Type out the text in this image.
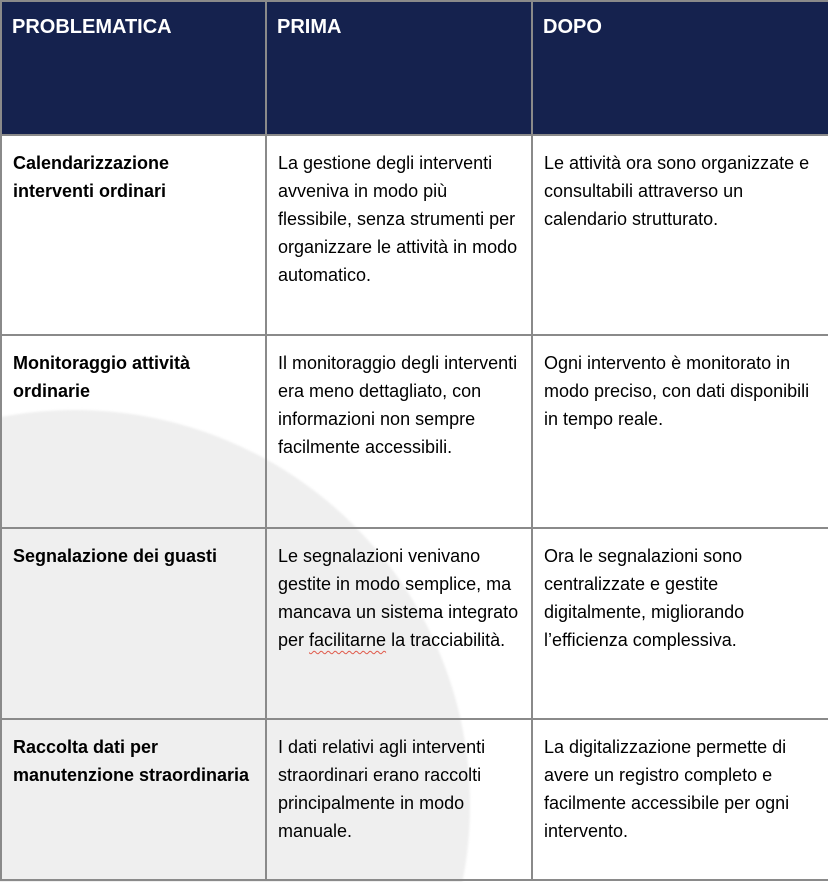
PROBLEMATICA	PRIMA	DOPO
Calendarizzazione interventi ordinari	La gestione degli interventi avveniva in modo più flessibile, senza strumenti per organizzare le attività in modo automatico.	Le attività ora sono organizzate e consultabili attraverso un calendario strutturato.
Monitoraggio attività ordinarie	Il monitoraggio degli interventi era meno dettagliato, con informazioni non sempre facilmente accessibili.	Ogni intervento è monitorato in modo preciso, con dati disponibili in tempo reale.
Segnalazione dei guasti	Le segnalazioni venivano gestite in modo semplice, ma mancava un sistema integrato per facilitarne la tracciabilità.	Ora le segnalazioni sono centralizzate e gestite digitalmente, migliorando l’efficienza complessiva.
Raccolta dati per manutenzione straordinaria	I dati relativi agli interventi straordinari erano raccolti principalmente in modo manuale.	La digitalizzazione permette di avere un registro completo e facilmente accessibile per ogni intervento.
